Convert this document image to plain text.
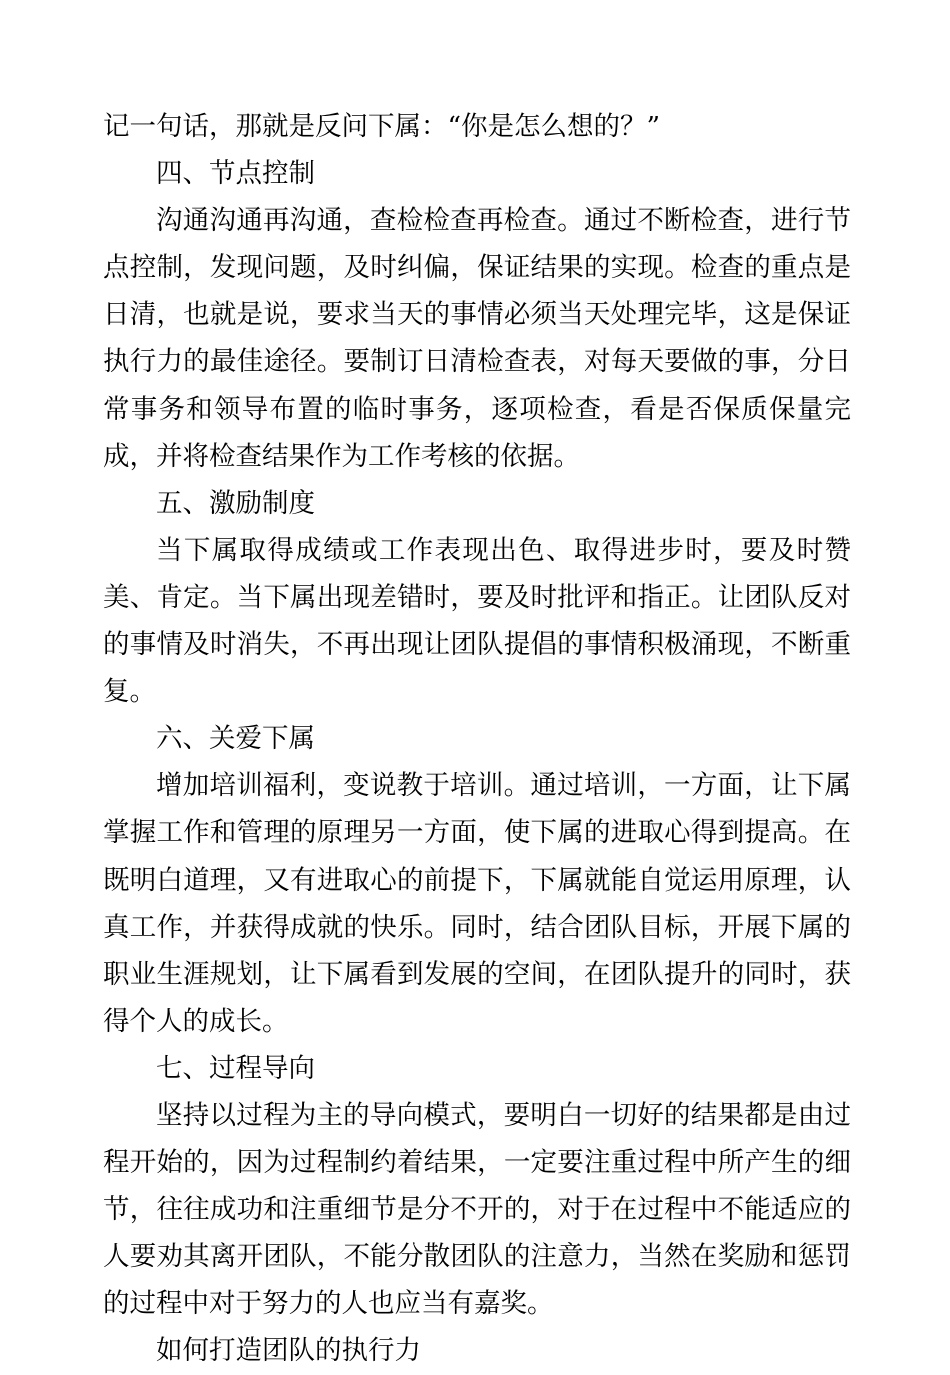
记一句话，那就是反问下属：“你是怎么想的？”

四、节点控制

沟通沟通再沟通，查检检查再检查。通过不断检查，进行节点控制，发现问题，及时纠偏，保证结果的实现。检查的重点是日清，也就是说，要求当天的事情必须当天处理完毕，这是保证执行力的最佳途径。要制订日清检查表，对每天要做的事，分日常事务和领导布置的临时事务，逐项检查，看是否保质保量完成，并将检查结果作为工作考核的依据。

五、激励制度

当下属取得成绩或工作表现出色、取得进步时，要及时赞美、肯定。当下属出现差错时，要及时批评和指正。让团队反对的事情及时消失，不再出现让团队提倡的事情积极涌现，不断重复。

六、关爱下属

增加培训福利，变说教于培训。通过培训，一方面，让下属掌握工作和管理的原理另一方面，使下属的进取心得到提高。在既明白道理，又有进取心的前提下，下属就能自觉运用原理，认真工作，并获得成就的快乐。同时，结合团队目标，开展下属的职业生涯规划，让下属看到发展的空间，在团队提升的同时，获得个人的成长。

七、过程导向

坚持以过程为主的导向模式，要明白一切好的结果都是由过程开始的，因为过程制约着结果，一定要注重过程中所产生的细节，往往成功和注重细节是分不开的，对于在过程中不能适应的人要劝其离开团队，不能分散团队的注意力，当然在奖励和惩罚的过程中对于努力的人也应当有嘉奖。

如何打造团队的执行力
